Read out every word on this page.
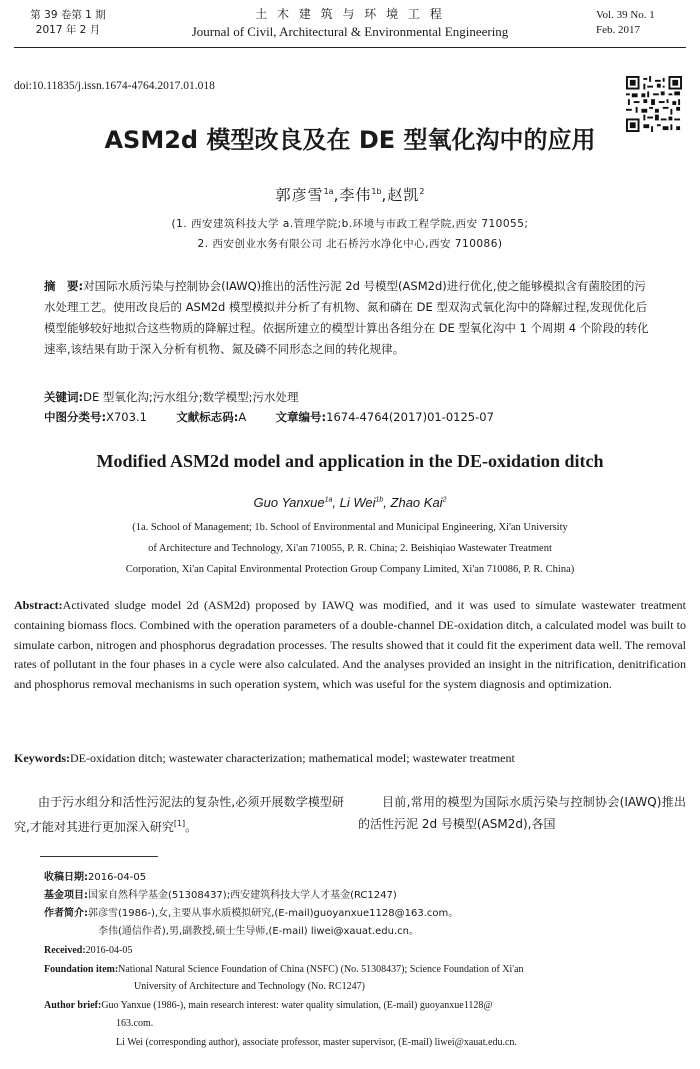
第 39 卷第 1 期
2017 年 2 月
土 木 建 筑 与 环 境 工 程
Journal of Civil, Architectural & Environmental Engineering
Vol. 39 No. 1
Feb. 2017
doi:10.11835/j.issn.1674-4764.2017.01.018
ASM2d 模型改良及在 DE 型氧化沟中的应用
郭彦雪$^{1a}$,李伟$^{1b}$,赵凯$^2$
(1. 西安建筑科技大学 a.管理学院;b.环境与市政工程学院,西安 710055;
2. 西安创业水务有限公司 北石桥污水净化中心,西安 710086)
摘　要:对国际水质污染与控制协会(IAWQ)推出的活性污泥 2d 号模型(ASM2d)进行优化,使之能够模拟含有菌胶团的污水处理工艺。使用改良后的 ASM2d 模型模拟并分析了有机物、氮和磷在 DE 型双沟式氧化沟中的降解过程,发现优化后模型能够较好地拟合这些物质的降解过程。依据所建立的模型计算出各组分在 DE 型氧化沟中 1 个周期 4 个阶段的转化速率,该结果有助于深入分析有机物、氮及磷不同形态之间的转化规律。
关键词:DE 型氧化沟;污水组分;数学模型;污水处理
中图分类号:X703.1	文献标志码:A	文章编号:1674-4764(2017)01-0125-07
Modified ASM2d model and application in the DE-oxidation ditch
Guo Yanxue$^{1a}$, Li Wei$^{1b}$, Zhao Kai$^2$
(1a. School of Management; 1b. School of Environmental and Municipal Engineering, Xi'an University
of Architecture and Technology, Xi'an 710055, P. R. China; 2. Beishiqiao Wastewater Treatment
Corporation, Xi'an Capital Environmental Protection Group Company Limited, Xi'an 710086, P. R. China)
Abstract:Activated sludge model 2d (ASM2d) proposed by IAWQ was modified, and it was used to simulate wastewater treatment containing biomass flocs. Combined with the operation parameters of a double-channel DE-oxidation ditch, a calculated model was built to simulate carbon, nitrogen and phosphorus degradation processes. The results showed that it could fit the experiment data well. The removal rates of pollutant in the four phases in a cycle were also calculated. And the analyses provided an insight in the nitrification, denitrification and phosphorus removal mechanisms in such operation system, which was useful for the system diagnosis and optimization.
Keywords:DE-oxidation ditch; wastewater characterization; mathematical model; wastewater treatment
由于污水组分和活性污泥法的复杂性,必须开展数学模型研究,才能对其进行更加深入研究[1]。
目前,常用的模型为国际水质污染与控制协会(IAWQ)推出的活性污泥 2d 号模型(ASM2d),各国
收稿日期:2016-04-05
基金项目:国家自然科学基金(51308437);西安建筑科技大学人才基金(RC1247)
作者简介:郭彦雪(1986-),女,主要从事水质模拟研究,(E-mail)guoyanxue1128@163.com。
李伟(通信作者),男,副教授,硕士生导师,(E-mail) liwei@xauat.edu.cn。
Received:2016-04-05
Foundation item:National Natural Science Foundation of China (NSFC) (No. 51308437); Science Foundation of Xi'an
University of Architecture and Technology (No. RC1247)
Author brief:Guo Yanxue (1986-), main research interest: water quality simulation, (E-mail) guoyanxue1128@
163.com.
Li Wei (corresponding author), associate professor, master supervisor, (E-mail) liwei@xauat.edu.cn.
